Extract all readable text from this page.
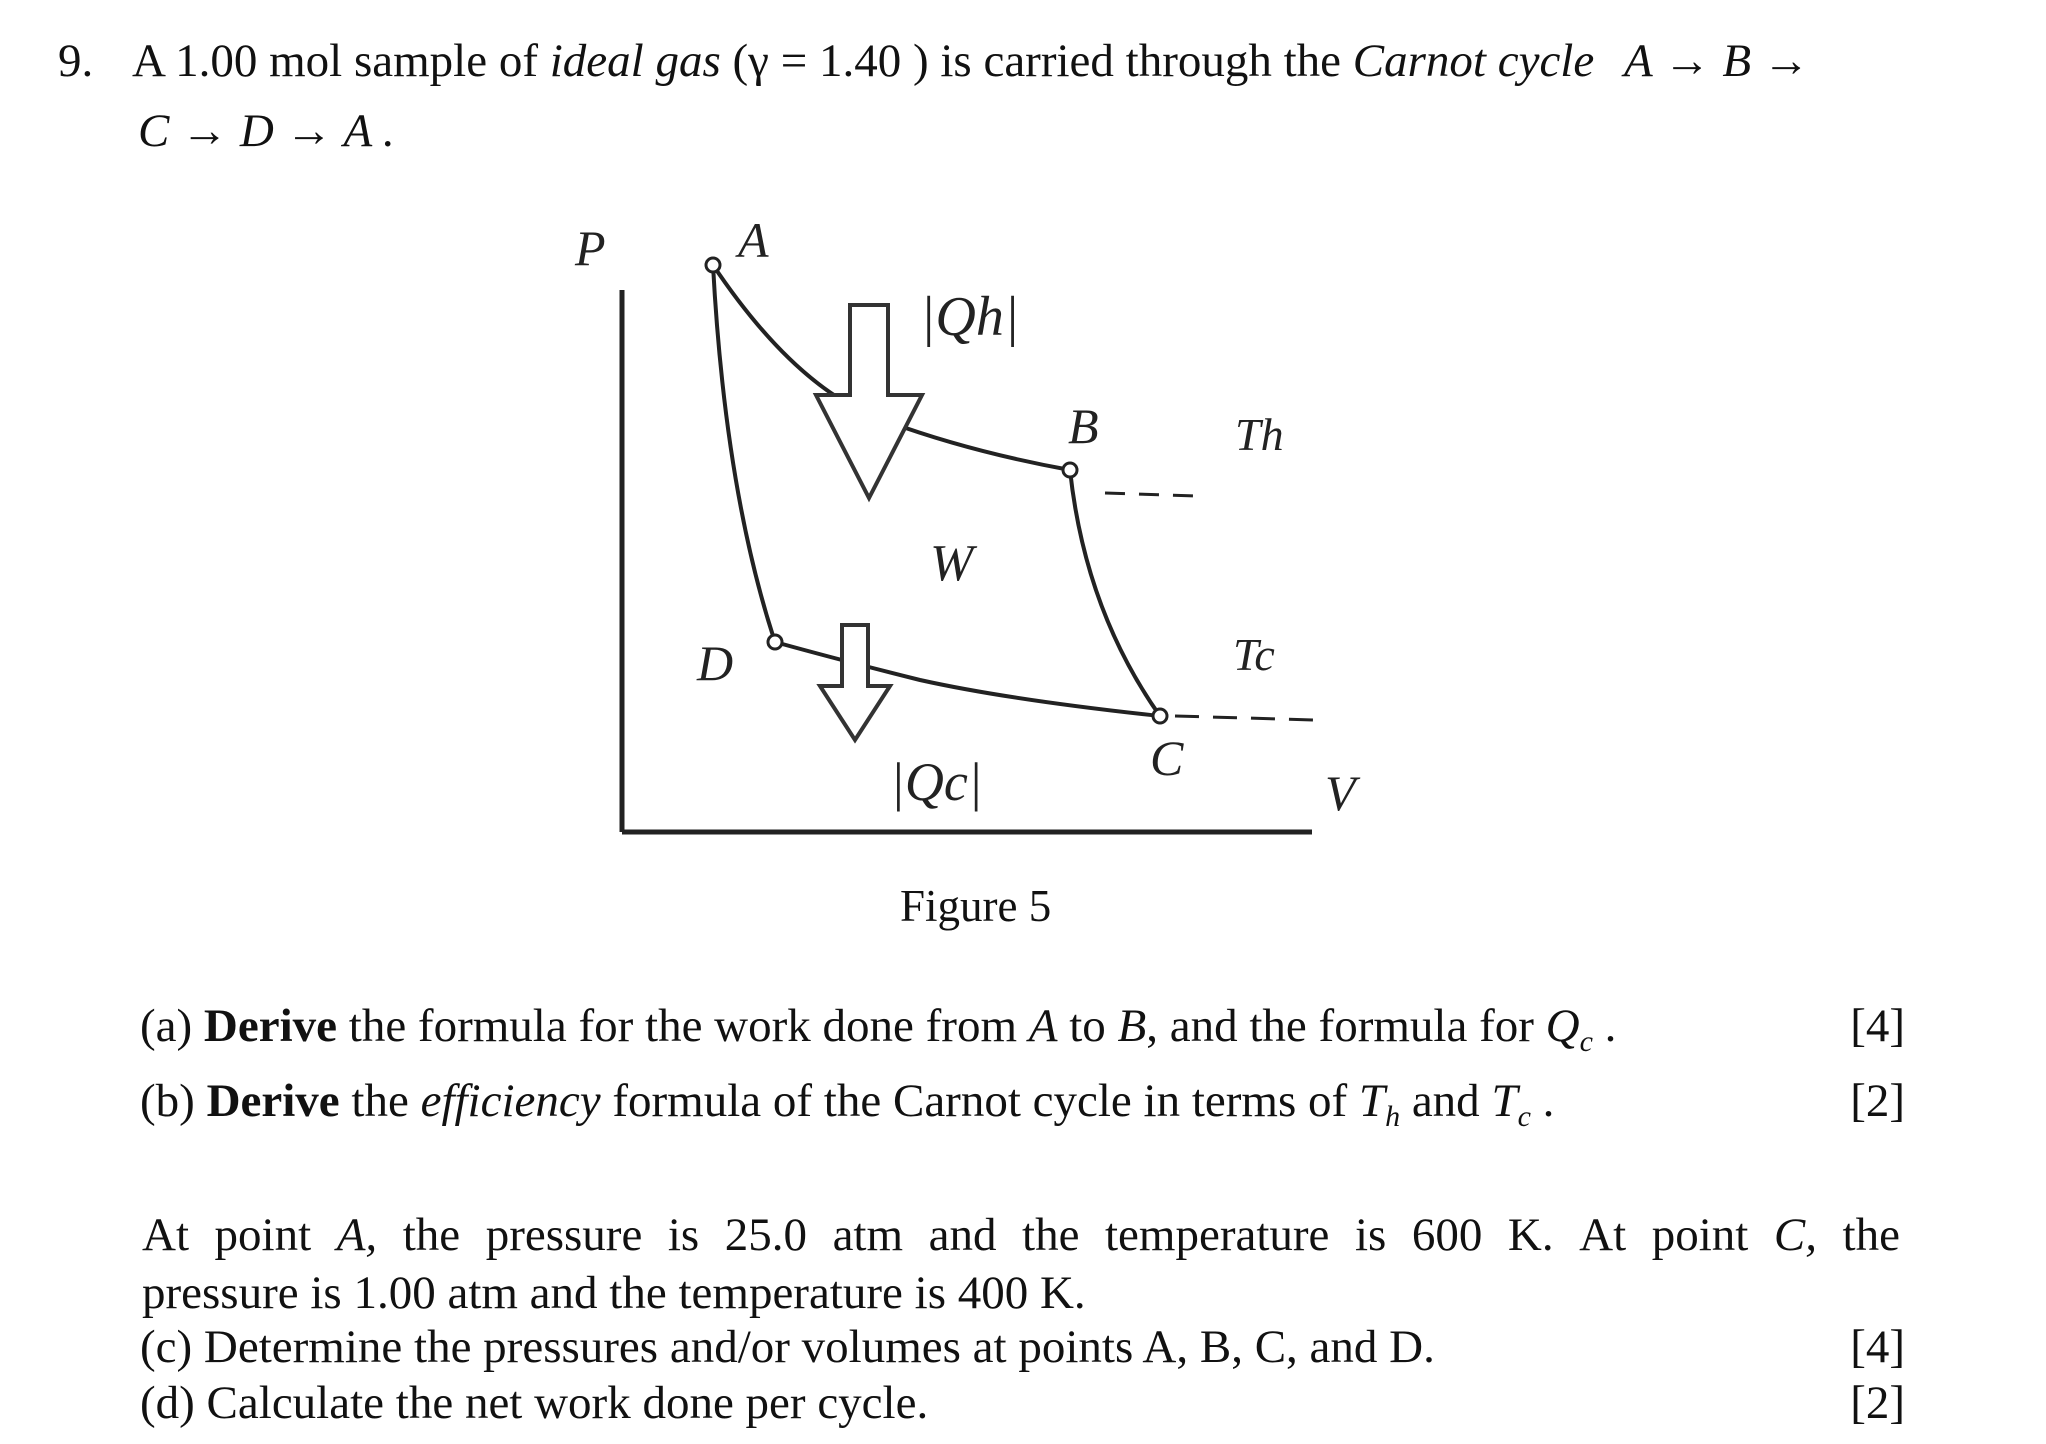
9. A 1.00 mol sample of ideal gas (γ = 1.40 ) is carried through the Carnot cycle A → B →
C → D → A .
P	A
|Qh|
B	Th
W
Tc
D
|Qc|	C
V
Figure 5
(a) Derive the formula for the work done from A to B, and the formula for $Q_c$ .	[4]
(b) Derive the efficiency formula of the Carnot cycle in terms of $T_h$ and $T_c$ .	[2]
At point A, the pressure is 25.0 atm and the temperature is 600 K. At point C, the
pressure is 1.00 atm and the temperature is 400 K.
(c) Determine the pressures and/or volumes at points A, B, C, and D.	[4]
(d) Calculate the net work done per cycle.	[2]
